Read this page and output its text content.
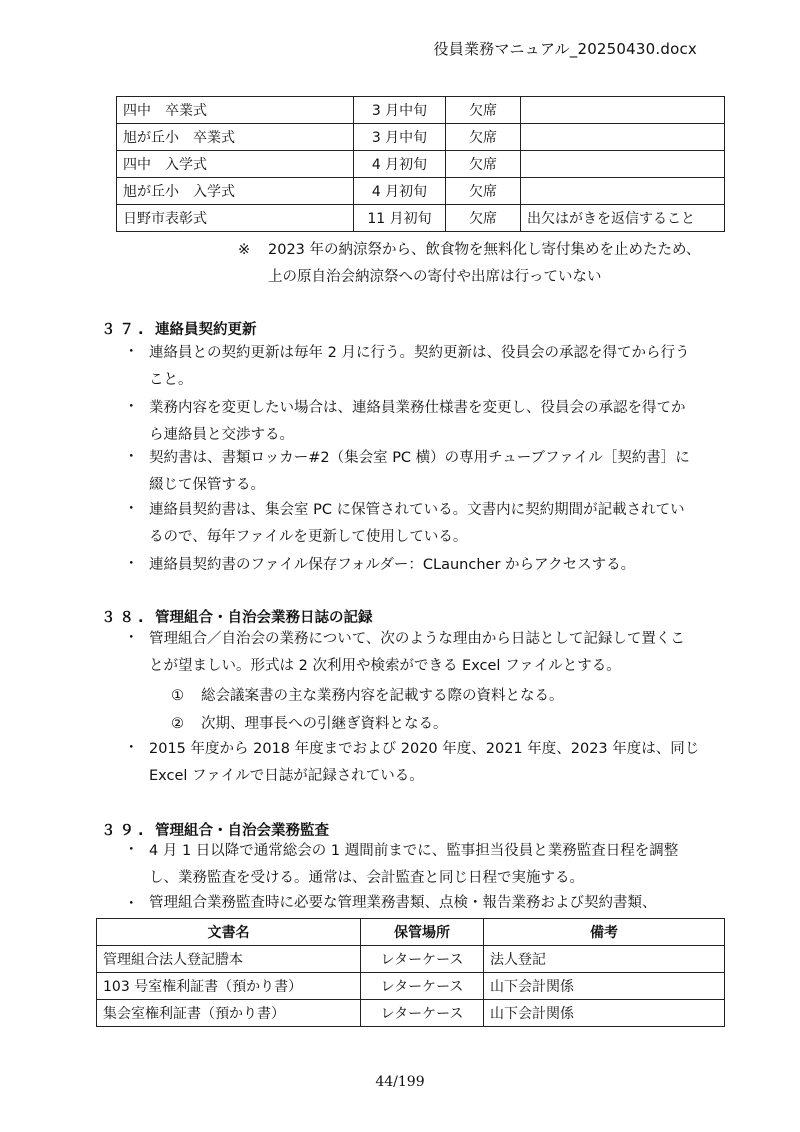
役員業務マニュアル_20250430.docx
四中　卒業式	3 月中旬	欠席	
旭が丘小　卒業式	3 月中旬	欠席	
四中　入学式	4 月初旬	欠席	
旭が丘小　入学式	4 月初旬	欠席	
日野市表彰式	11 月初旬	欠席	出欠はがきを返信すること
※ 2023 年の納涼祭から、飲食物を無料化し寄付集めを止めたため、
上の原自治会納涼祭への寄付や出席は行っていない
３７. 連絡員契約更新
・ 連絡員との契約更新は毎年 2 月に行う。契約更新は、役員会の承認を得てから行う
こと。
・ 業務内容を変更したい場合は、連絡員業務仕様書を変更し、役員会の承認を得てか
ら連絡員と交渉する。
・ 契約書は、書類ロッカー#2（集会室 PC 横）の専用チューブファイル［契約書］に
綴じて保管する。
・ 連絡員契約書は、集会室 PC に保管されている。文書内に契約期間が記載されてい
るので、毎年ファイルを更新して使用している。
・ 連絡員契約書のファイル保存フォルダー：CLauncher からアクセスする。
３８. 管理組合・自治会業務日誌の記録
・ 管理組合／自治会の業務について、次のような理由から日誌として記録して置くこ
とが望ましい。形式は 2 次利用や検索ができる Excel ファイルとする。
① 総会議案書の主な業務内容を記載する際の資料となる。
② 次期、理事長への引継ぎ資料となる。
・ 2015 年度から 2018 年度までおよび 2020 年度、2021 年度、2023 年度は、同じ
Excel ファイルで日誌が記録されている。
３９. 管理組合・自治会業務監査
・ 4 月 1 日以降で通常総会の 1 週間前までに、監事担当役員と業務監査日程を調整
し、業務監査を受ける。通常は、会計監査と同じ日程で実施する。
・ 管理組合業務監査時に必要な管理業務書類、点検・報告業務および契約書類、
文書名	保管場所	備考
管理組合法人登記謄本	レターケース	法人登記
103 号室権利証書（預かり書）	レターケース	山下会計関係
集会室権利証書（預かり書）	レターケース	山下会計関係
44/199
